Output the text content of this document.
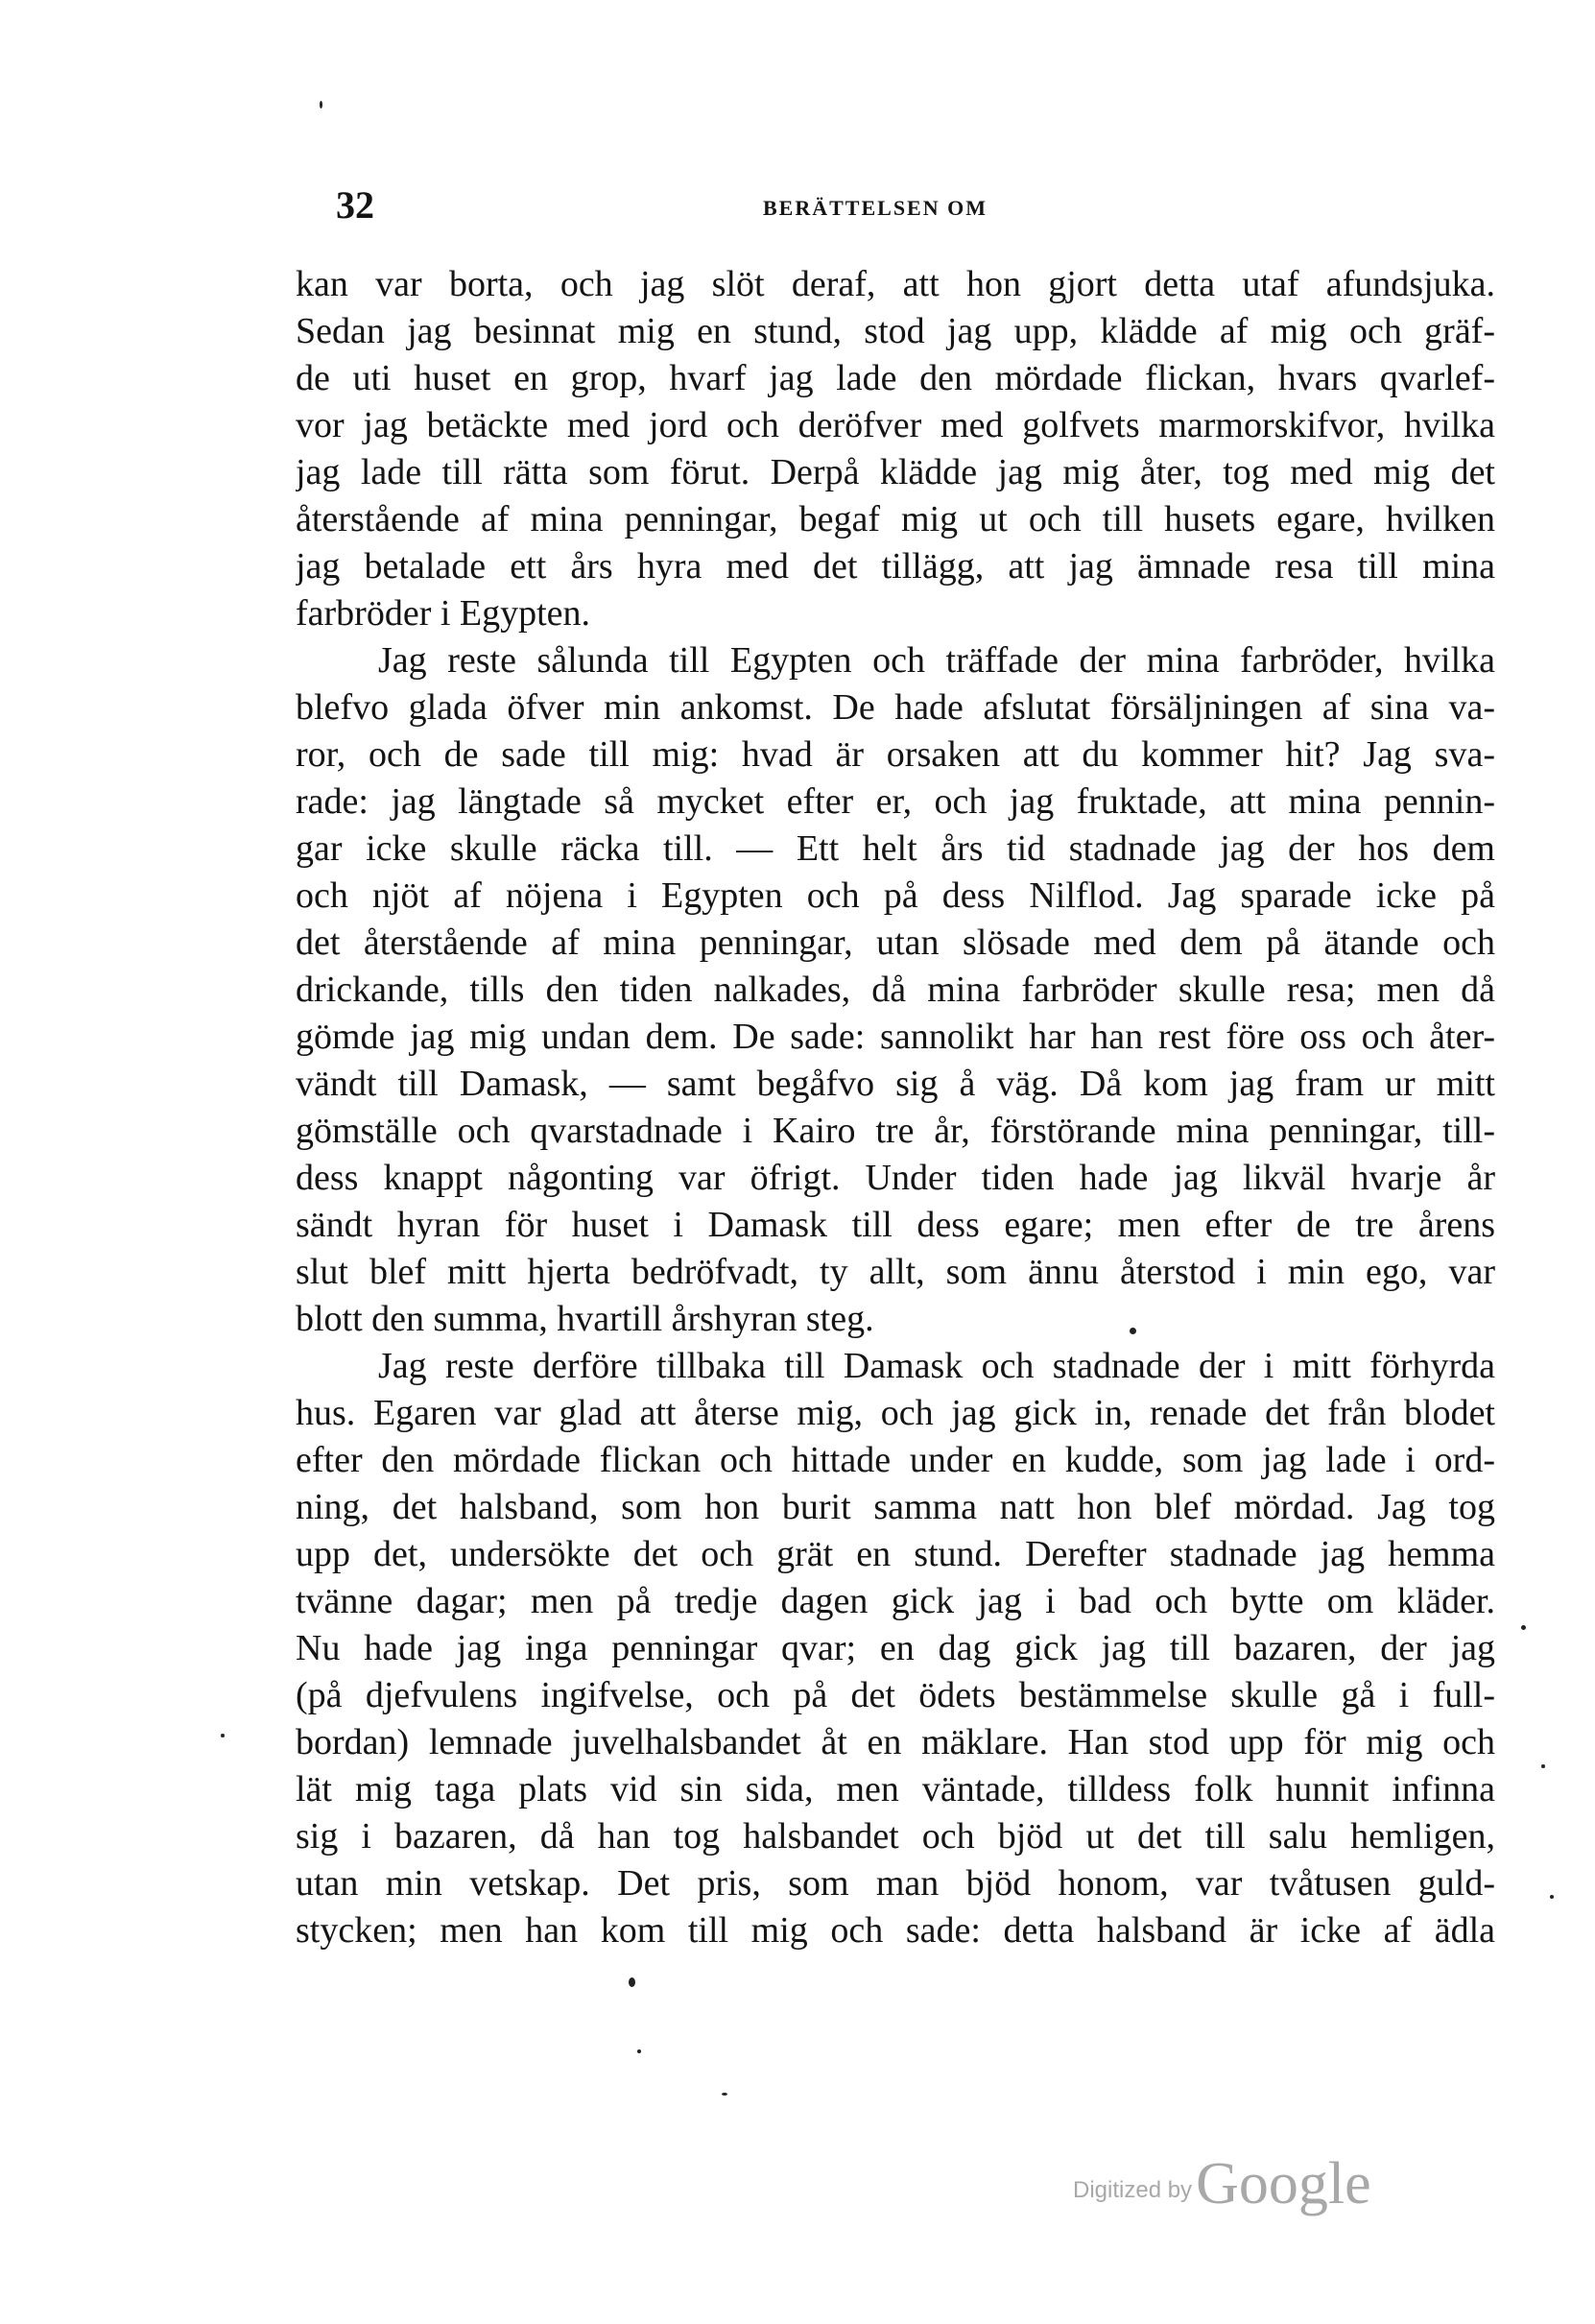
32	BERÄTTELSEN OM
kan var borta, och jag slöt deraf, att hon gjort detta utaf afundsjuka.
Sedan jag besinnat mig en stund, stod jag upp, klädde af mig och gräf-
de uti huset en grop, hvarf jag lade den mördade flickan, hvars qvarlef-
vor jag betäckte med jord och deröfver med golfvets marmorskifvor, hvilka
jag lade till rätta som förut. Derpå klädde jag mig åter, tog med mig det
återstående af mina penningar, begaf mig ut och till husets egare, hvilken
jag betalade ett års hyra med det tillägg, att jag ämnade resa till mina
farbröder i Egypten.
Jag reste sålunda till Egypten och träffade der mina farbröder, hvilka
blefvo glada öfver min ankomst. De hade afslutat försäljningen af sina va-
ror, och de sade till mig: hvad är orsaken att du kommer hit? Jag sva-
rade: jag längtade så mycket efter er, och jag fruktade, att mina pennin-
gar icke skulle räcka till. — Ett helt års tid stadnade jag der hos dem
och njöt af nöjena i Egypten och på dess Nilflod. Jag sparade icke på
det återstående af mina penningar, utan slösade med dem på ätande och
drickande, tills den tiden nalkades, då mina farbröder skulle resa; men då
gömde jag mig undan dem. De sade: sannolikt har han rest före oss och åter-
vändt till Damask, — samt begåfvo sig å väg. Då kom jag fram ur mitt
gömställe och qvarstadnade i Kairo tre år, förstörande mina penningar, till-
dess knappt någonting var öfrigt. Under tiden hade jag likväl hvarje år
sändt hyran för huset i Damask till dess egare; men efter de tre årens
slut blef mitt hjerta bedröfvadt, ty allt, som ännu återstod i min ego, var
blott den summa, hvartill årshyran steg.
Jag reste derföre tillbaka till Damask och stadnade der i mitt förhyrda
hus. Egaren var glad att återse mig, och jag gick in, renade det från blodet
efter den mördade flickan och hittade under en kudde, som jag lade i ord-
ning, det halsband, som hon burit samma natt hon blef mördad. Jag tog
upp det, undersökte det och grät en stund. Derefter stadnade jag hemma
tvänne dagar; men på tredje dagen gick jag i bad och bytte om kläder.
Nu hade jag inga penningar qvar; en dag gick jag till bazaren, der jag
(på djefvulens ingifvelse, och på det ödets bestämmelse skulle gå i full-
bordan) lemnade juvelhalsbandet åt en mäklare. Han stod upp för mig och
lät mig taga plats vid sin sida, men väntade, tilldess folk hunnit infinna
sig i bazaren, då han tog halsbandet och bjöd ut det till salu hemligen,
utan min vetskap. Det pris, som man bjöd honom, var tvåtusen guld-
stycken; men han kom till mig och sade: detta halsband är icke af ädla
Digitized by Google
